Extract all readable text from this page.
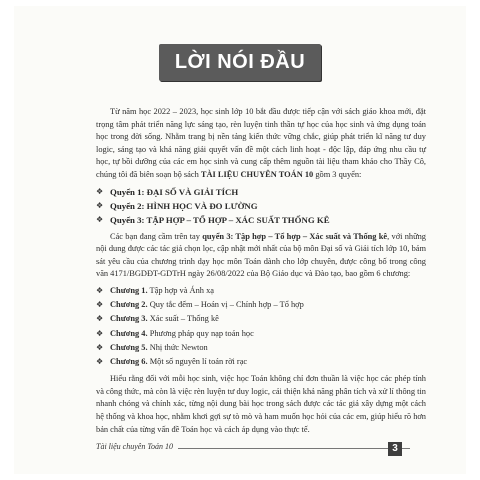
LỜI NÓI ĐẦU

Từ năm học 2022 – 2023, học sinh lớp 10 bắt đầu được tiếp cận với sách giáo khoa mới, đặt trọng tâm phát triển năng lực sáng tạo, rèn luyện tinh thần tự học của học sinh và ứng dụng toán học trong đời sống. Nhằm trang bị nền tảng kiến thức vững chắc, giúp phát triển kĩ năng tư duy logic, sáng tạo và khả năng giải quyết vấn đề một cách linh hoạt - độc lập, đáp ứng nhu cầu tự học, tự bồi dưỡng của các em học sinh và cung cấp thêm nguồn tài liệu tham khảo cho Thầy Cô, chúng tôi đã biên soạn bộ sách TÀI LIỆU CHUYÊN TOÁN 10 gồm 3 quyển:

❖ Quyển 1: ĐẠI SỐ VÀ GIẢI TÍCH
❖ Quyển 2: HÌNH HỌC VÀ ĐO LƯỜNG
❖ Quyển 3: TẬP HỢP – TỔ HỢP – XÁC SUẤT THỐNG KÊ

Các bạn đang cầm trên tay quyển 3: Tập hợp – Tổ hợp – Xác suất và Thống kê, với những nội dung được các tác giả chọn lọc, cập nhật mới nhất của bộ môn Đại số và Giải tích lớp 10, bám sát yêu cầu của chương trình dạy học môn Toán dành cho lớp chuyên, được công bố trong công văn 4171/BGDĐT-GDTrH ngày 26/08/2022 của Bộ Giáo dục và Đào tạo, bao gồm 6 chương:

❖ Chương 1. Tập hợp và Ánh xạ
❖ Chương 2. Quy tắc đếm – Hoán vị – Chỉnh hợp – Tổ hợp
❖ Chương 3. Xác suất – Thống kê
❖ Chương 4. Phương pháp quy nạp toán học
❖ Chương 5. Nhị thức Newton
❖ Chương 6. Một số nguyên lí toán rời rạc

Hiểu rằng đối với mỗi học sinh, việc học Toán không chỉ đơn thuần là việc học các phép tính và công thức, mà còn là việc rèn luyện tư duy logic, cải thiện khả năng phân tích và xử lí thông tin nhanh chóng và chính xác, từng nội dung bài học trong sách được các tác giả xây dựng một cách hệ thống và khoa học, nhằm khơi gợi sự tò mò và ham muốn học hỏi của các em, giúp hiểu rõ hơn bản chất của từng vấn đề Toán học và cách áp dụng vào thực tế.

Tài liệu chuyên Toán 10	3
